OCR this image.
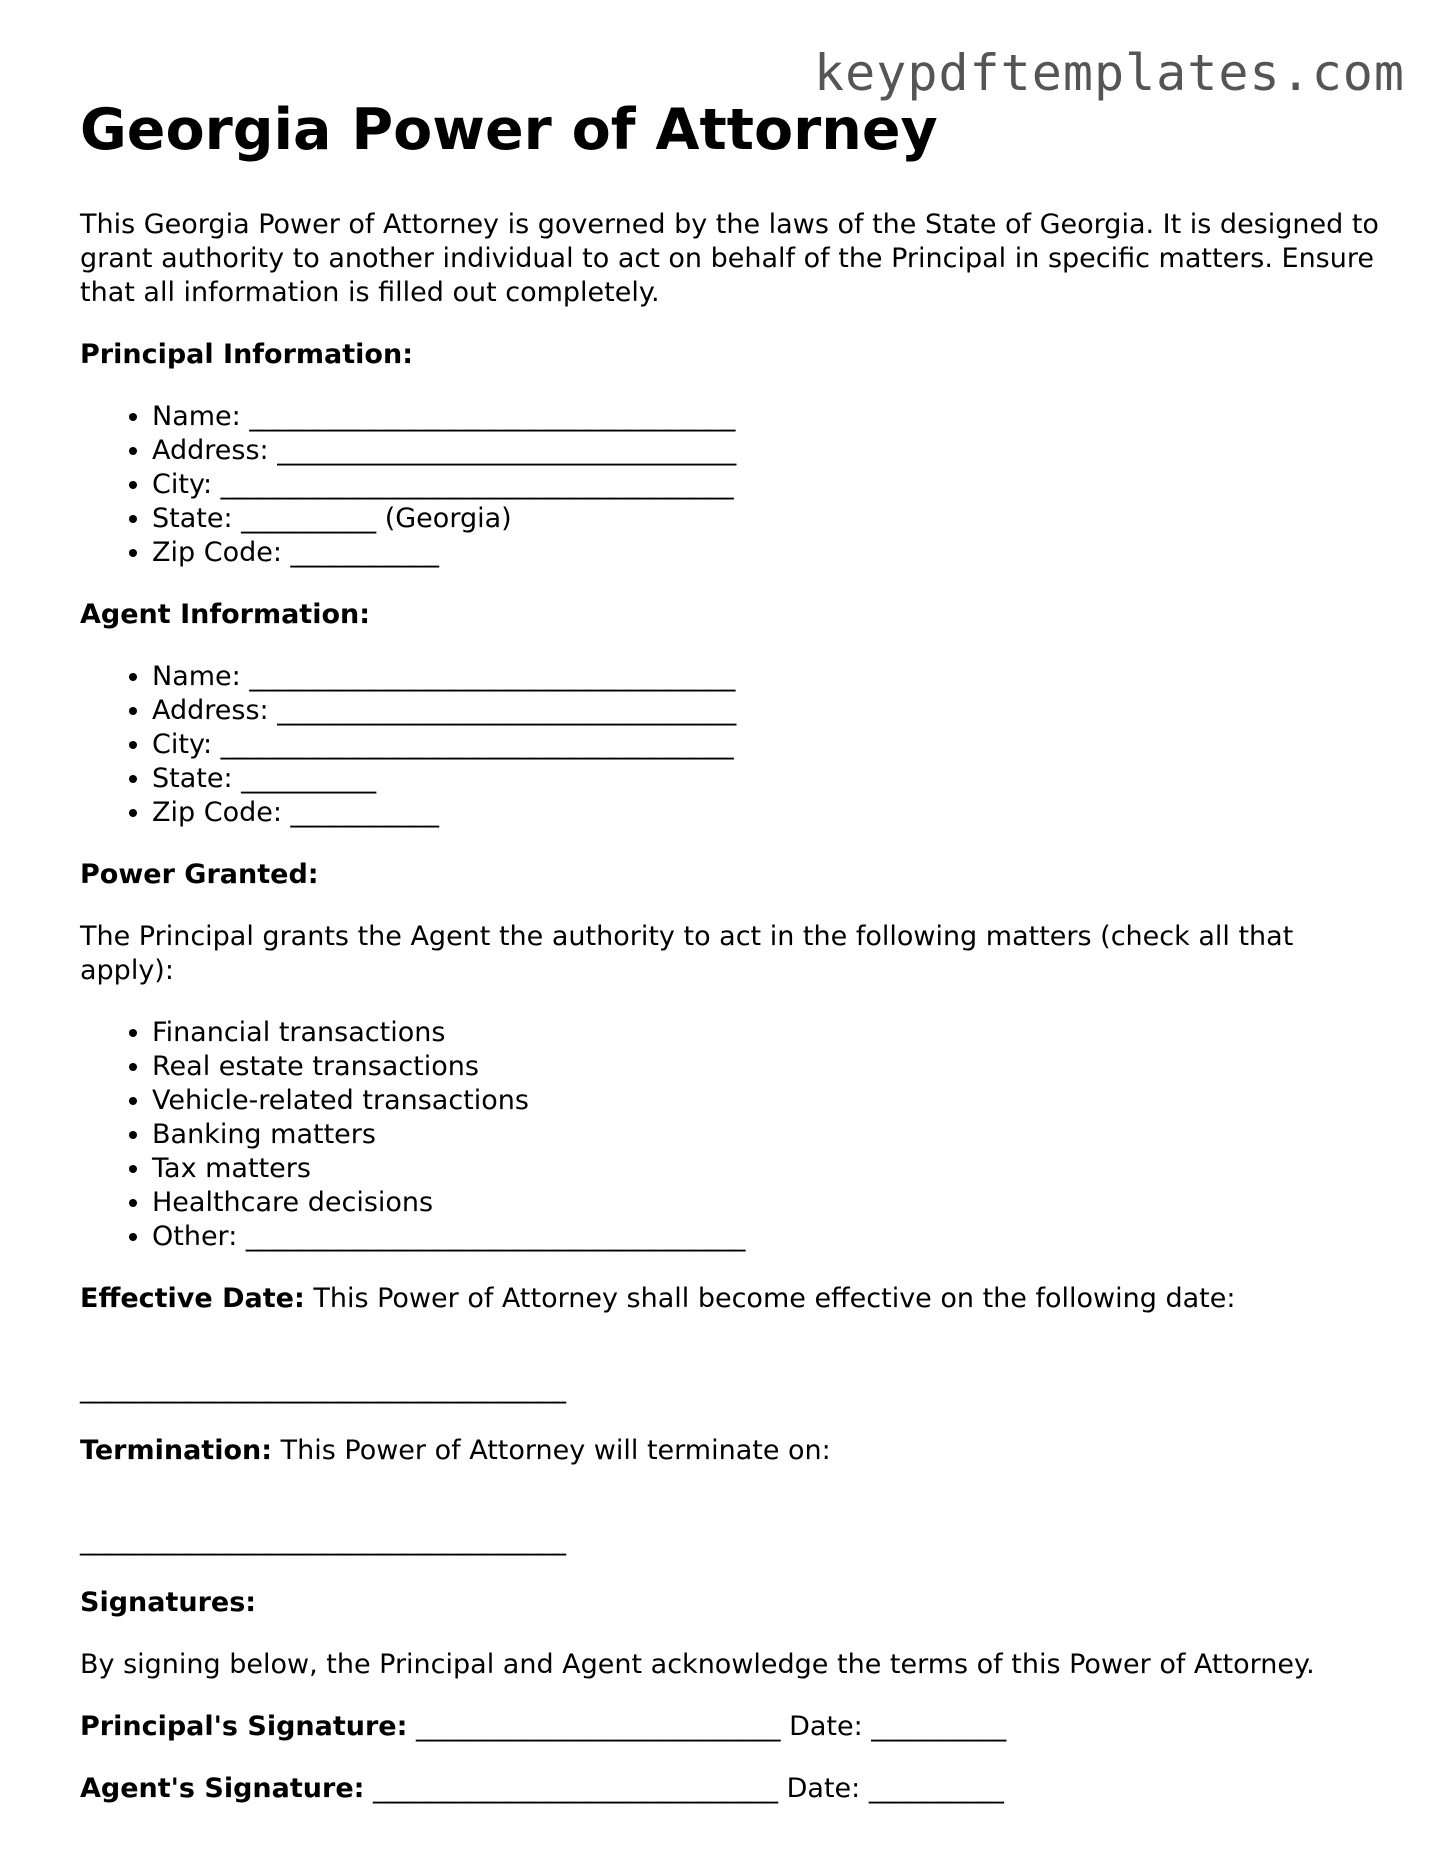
keypdftemplates.com
Georgia Power of Attorney

This Georgia Power of Attorney is governed by the laws of the State of Georgia. It is designed to grant authority to another individual to act on behalf of the Principal in specific matters. Ensure that all information is filled out completely.

Principal Information:

• Name: ____________________________________
• Address: __________________________________
• City: ______________________________________
• State: __________ (Georgia)
• Zip Code: ___________

Agent Information:

• Name: ____________________________________
• Address: __________________________________
• City: ______________________________________
• State: __________
• Zip Code: ___________

Power Granted:

The Principal grants the Agent the authority to act in the following matters (check all that apply):

• Financial transactions
• Real estate transactions
• Vehicle-related transactions
• Banking matters
• Tax matters
• Healthcare decisions
• Other: _____________________________________

Effective Date: This Power of Attorney shall become effective on the following date:

____________________________________

Termination: This Power of Attorney will terminate on:

____________________________________

Signatures:

By signing below, the Principal and Agent acknowledge the terms of this Power of Attorney.

Principal's Signature: ___________________________ Date: __________

Agent's Signature: ______________________________ Date: __________
